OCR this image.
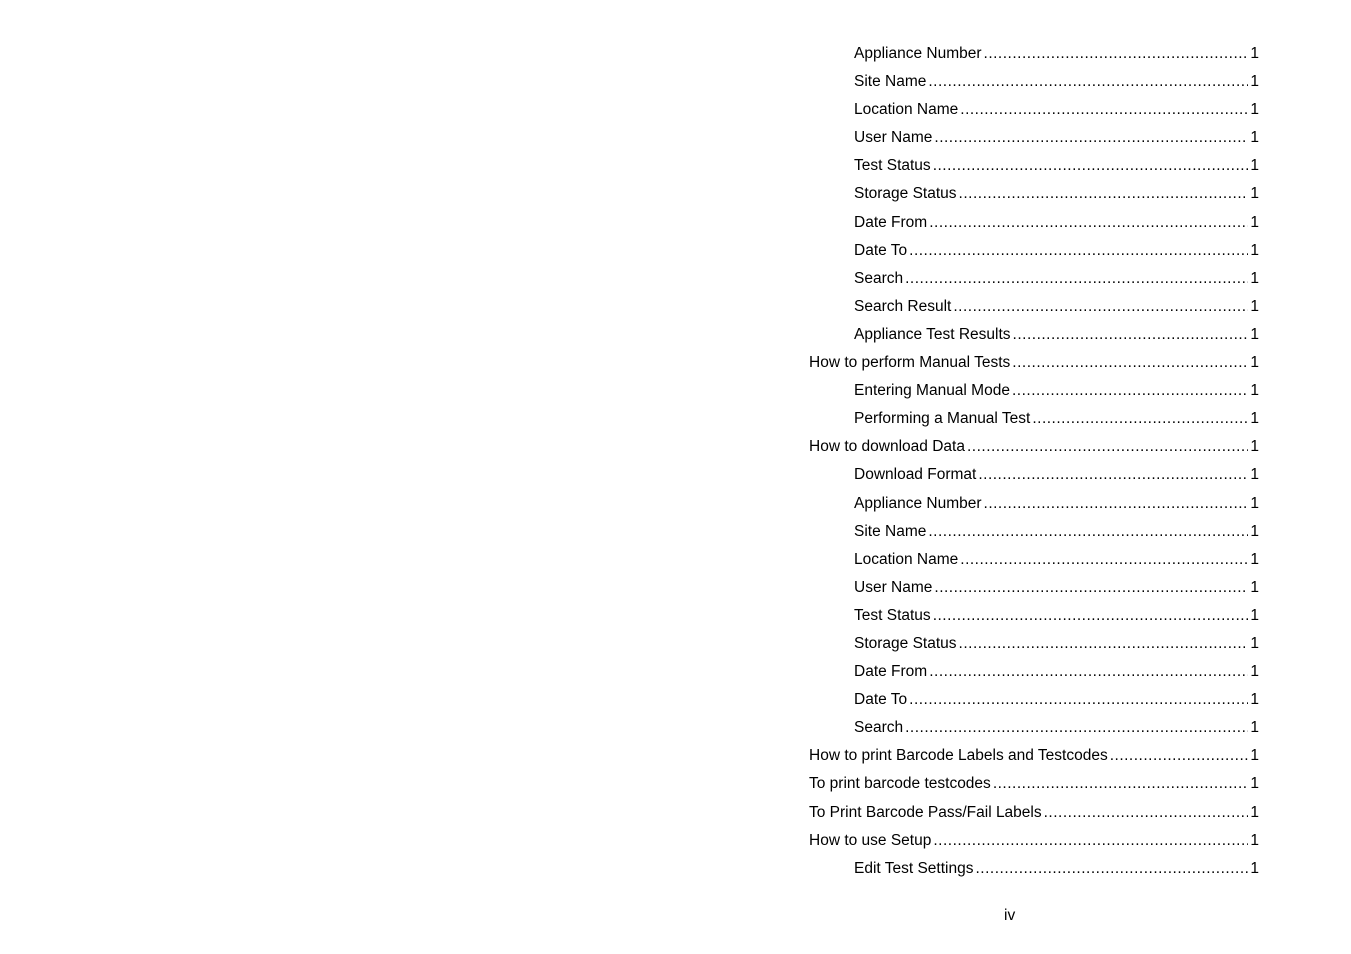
Appliance Number .....	1
Site Name .....	1
Location Name .....	1
User Name .....	1
Test Status .....	1
Storage Status .....	1
Date From .....	1
Date To .....	1
Search .....	1
Search Result .....	1
Appliance Test Results .....	1
How to perform Manual Tests .....	1
Entering Manual Mode .....	1
Performing a Manual Test .....	1
How to download Data .....	1
Download Format .....	1
Appliance Number .....	1
Site Name .....	1
Location Name .....	1
User Name .....	1
Test Status .....	1
Storage Status .....	1
Date From .....	1
Date To .....	1
Search .....	1
How to print Barcode Labels and Testcodes .....	1
To print barcode testcodes .....	1
To Print Barcode Pass/Fail Labels .....	1
How to use Setup .....	1
Edit Test Settings .....	1
iv
